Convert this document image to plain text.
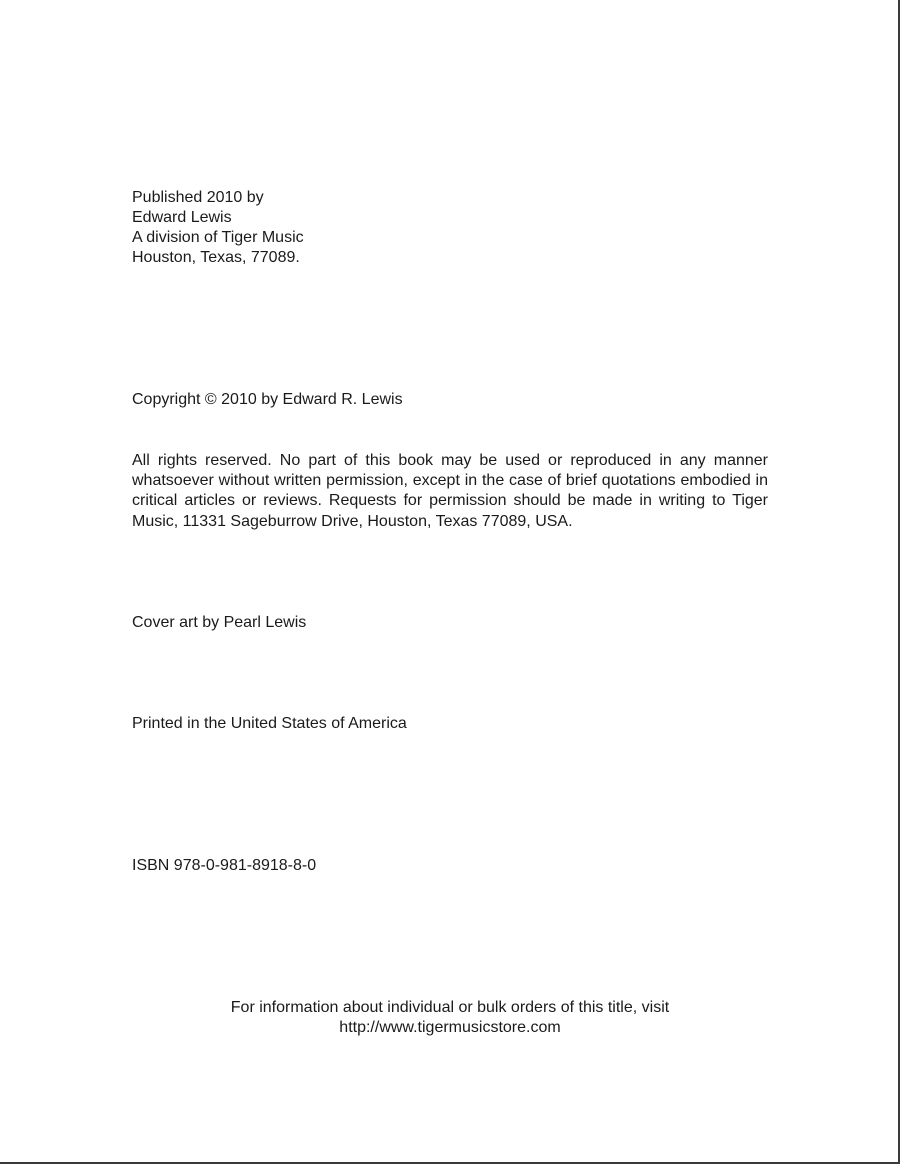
Published 2010 by
Edward Lewis
A division of Tiger Music
Houston, Texas, 77089.
Copyright © 2010 by Edward R. Lewis

All rights reserved. No part of this book may be used or reproduced in any manner whatsoever without written permission, except in the case of brief quotations embodied in critical articles or reviews. Requests for permission should be made in writing to Tiger Music, 11331 Sageburrow Drive, Houston, Texas 77089, USA.

Cover art by Pearl Lewis
Printed in the United States of America
ISBN 978-0-981-8918-8-0
For information about individual or bulk orders of this title, visit
http://www.tigermusicstore.com
